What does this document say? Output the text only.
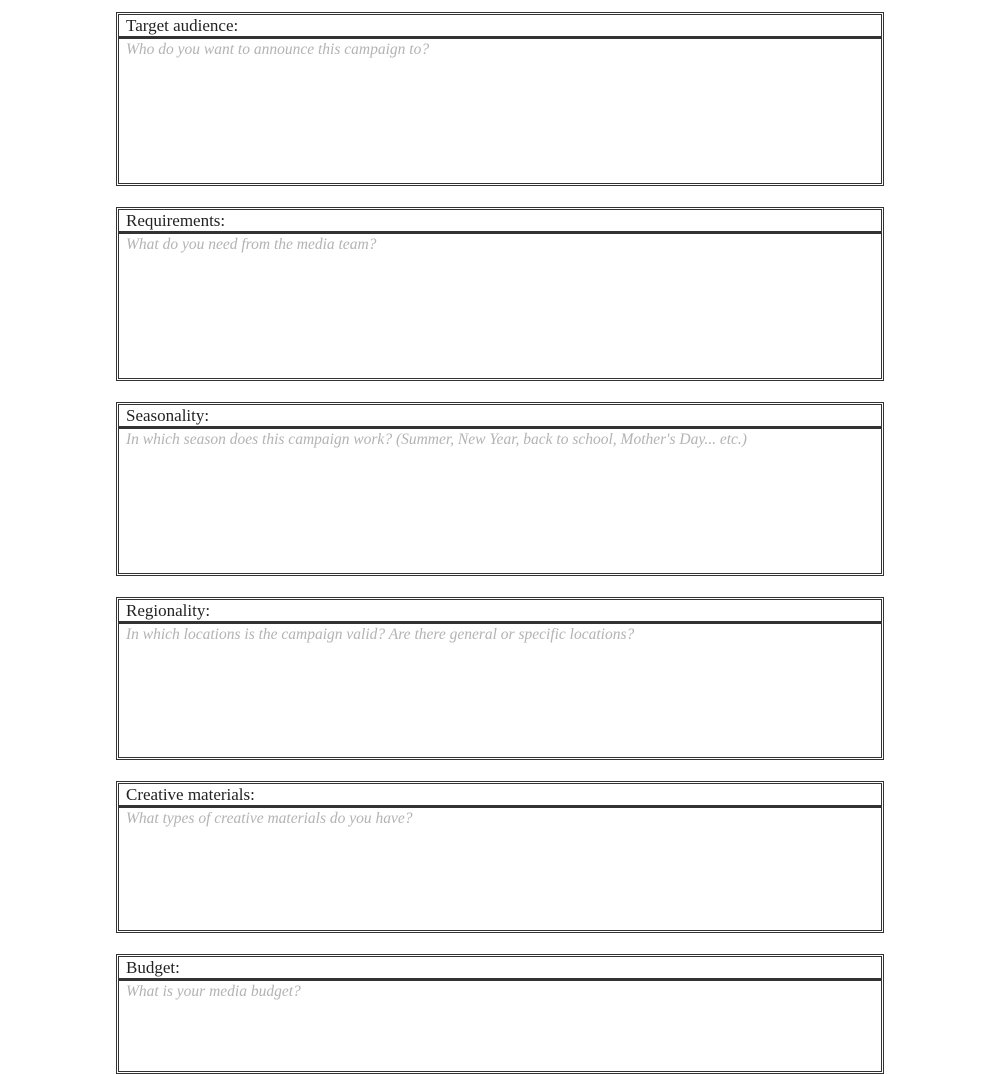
Target audience:
Who do you want to announce this campaign to?
Requirements:
What do you need from the media team?
Seasonality:
In which season does this campaign work? (Summer, New Year, back to school, Mother's Day... etc.)
Regionality:
In which locations is the campaign valid? Are there general or specific locations?
Creative materials:
What types of creative materials do you have?
Budget:
What is your media budget?
